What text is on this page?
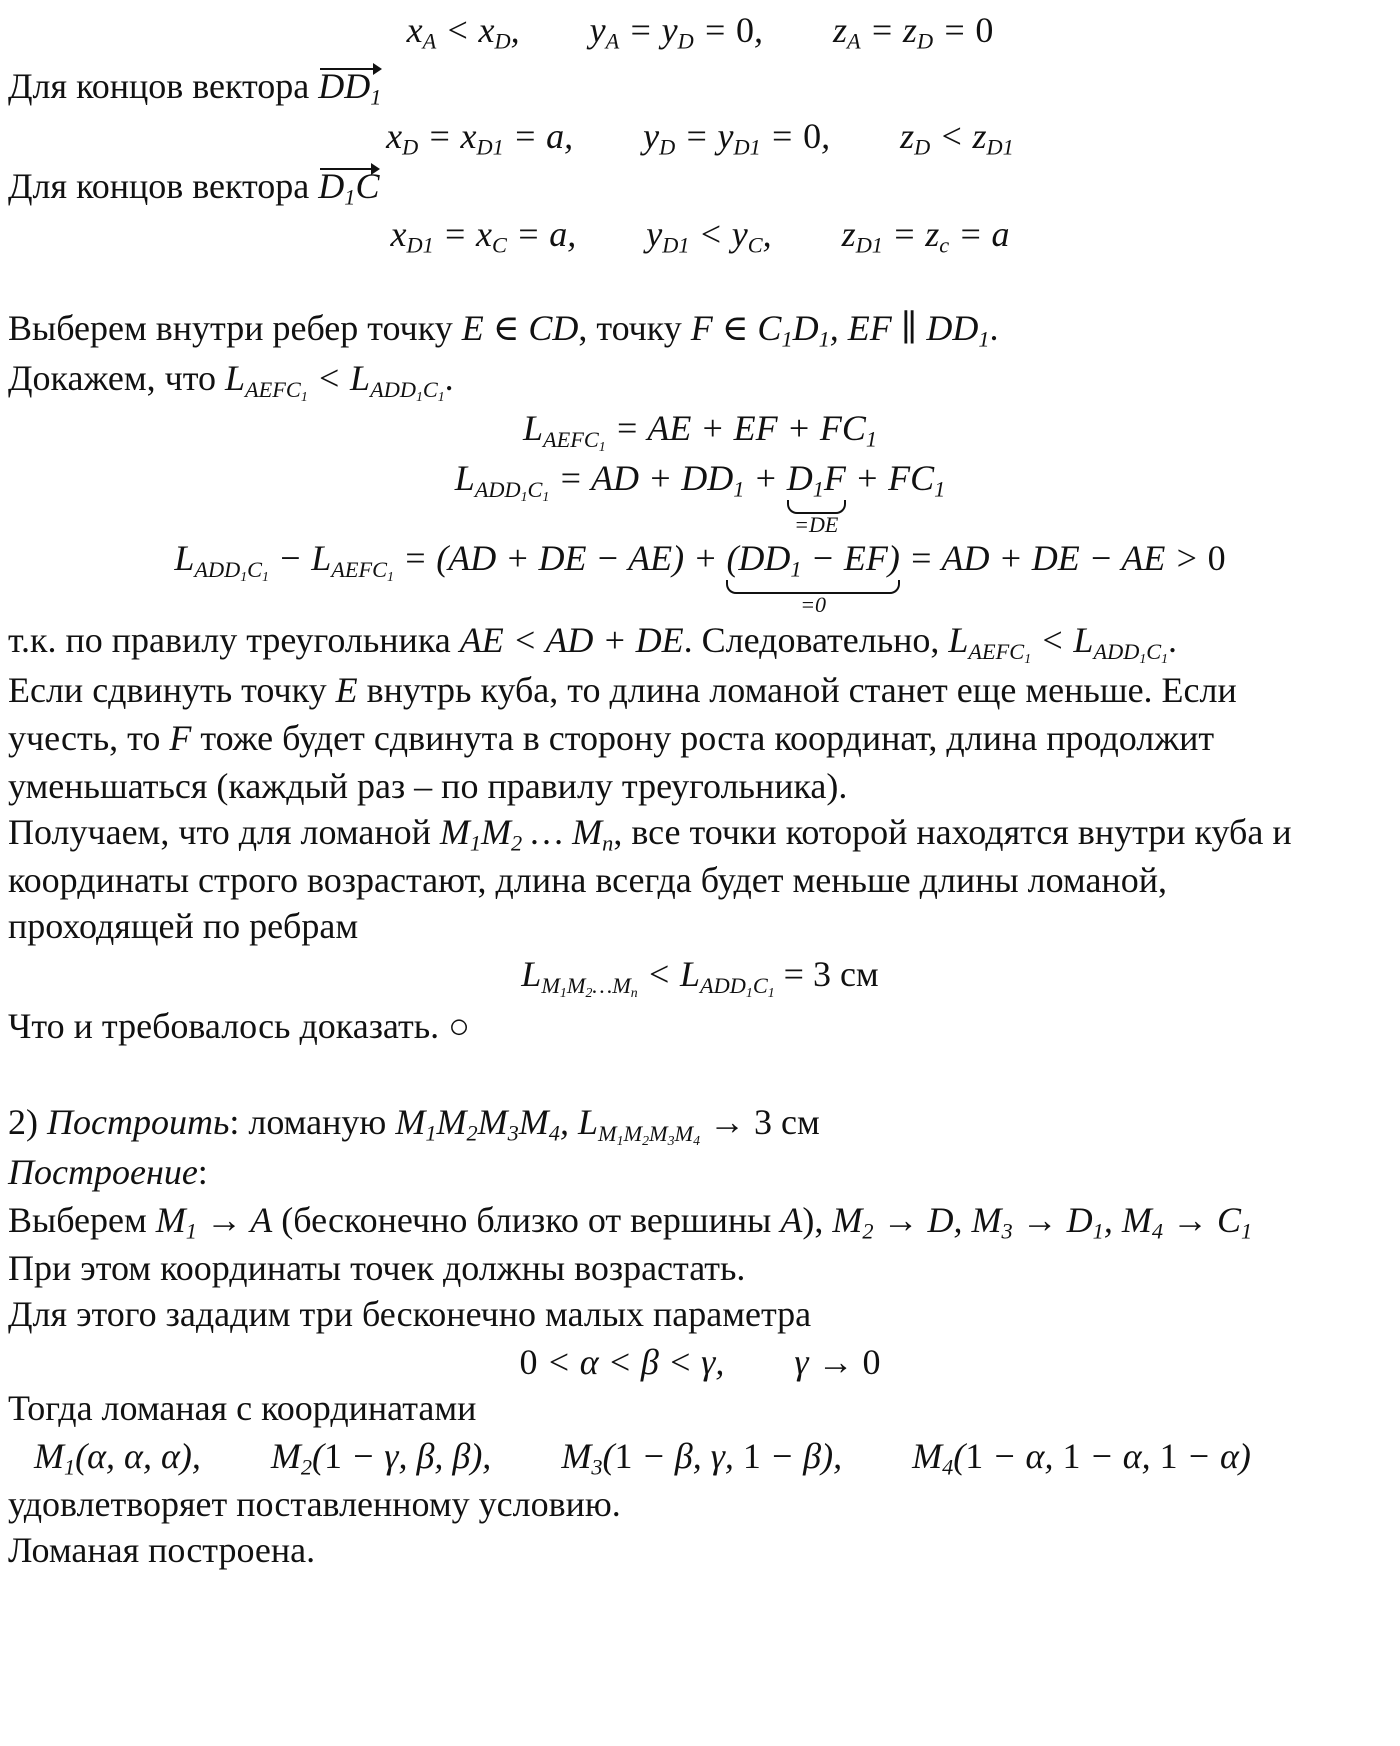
$x_A < x_D$, $y_A = y_D = 0$, $z_A = z_D = 0$
Для концов вектора $DD_1$
$x_D = x_{D1} = a$, $y_D = y_{D1} = 0$, $z_D < z_{D1}$
Для концов вектора $D_1C$
$x_{D1} = x_C = a$, $y_{D1} < y_C$, $z_{D1} = z_c = a$
Выберем внутри ребер точку E ∈ CD, точку F ∈ $C_1D_1$, EF ∥ $DD_1$.
Докажем, что $L_{AEFC_1} < L_{ADD_1C_1}$.
$L_{AEFC_1}$ = AE + EF + $FC_1$
$L_{ADD_1C_1}$ = AD + $DD_1 + D_1F$
=DE
+ $FC_1$
$L_{ADD_1C_1} - L_{AEFC_1} = (AD$ + DE − $AE) + (DD_1 - EF)$
=0
= AD + DE − AE > 0
т.к. по правилу треугольника AE < AD + DE. Следовательно, $L_{AEFC_1} < L_{ADD_1C_1}$.
Если сдвинуть точку E внутрь куба, то длина ломаной станет еще меньше. Если
учесть, то F тоже будет сдвинута в сторону роста координат, длина продолжит
уменьшаться (каждый раз – по правилу треугольника).
Получаем, что для ломаной $M_1M_2$ … $M_n$, все точки которой находятся внутри куба и
координаты строго возрастают, длина всегда будет меньше длины ломаной,
проходящей по ребрам
$L_{M_1M_2\dots M_n} < L_{ADD_1C_1} = 3$ см
Что и требовалось доказать. ○
2) Построить: ломаную $M_1M_2M_3M_4$, $L_{M_1M_2M_3M_4} \to 3$ см
Построение:
Выберем $M_1 \to A$ (бесконечно близко от вершины A), $M_2 \to D$, $M_3 \to D_1$, $M_4 \to C_1$
При этом координаты точек должны возрастать.
Для этого зададим три бесконечно малых параметра
0 < α < β < γ, γ → 0
Тогда ломаная с координатами
$M_1(\alpha$, α, α), $M_2(1 - \gamma$, β, β), $M_3(1 - \beta$, γ, 1 − β), $M_4(1 - \alpha$, 1 − α, 1 − α)
удовлетворяет поставленному условию.
Ломаная построена.
